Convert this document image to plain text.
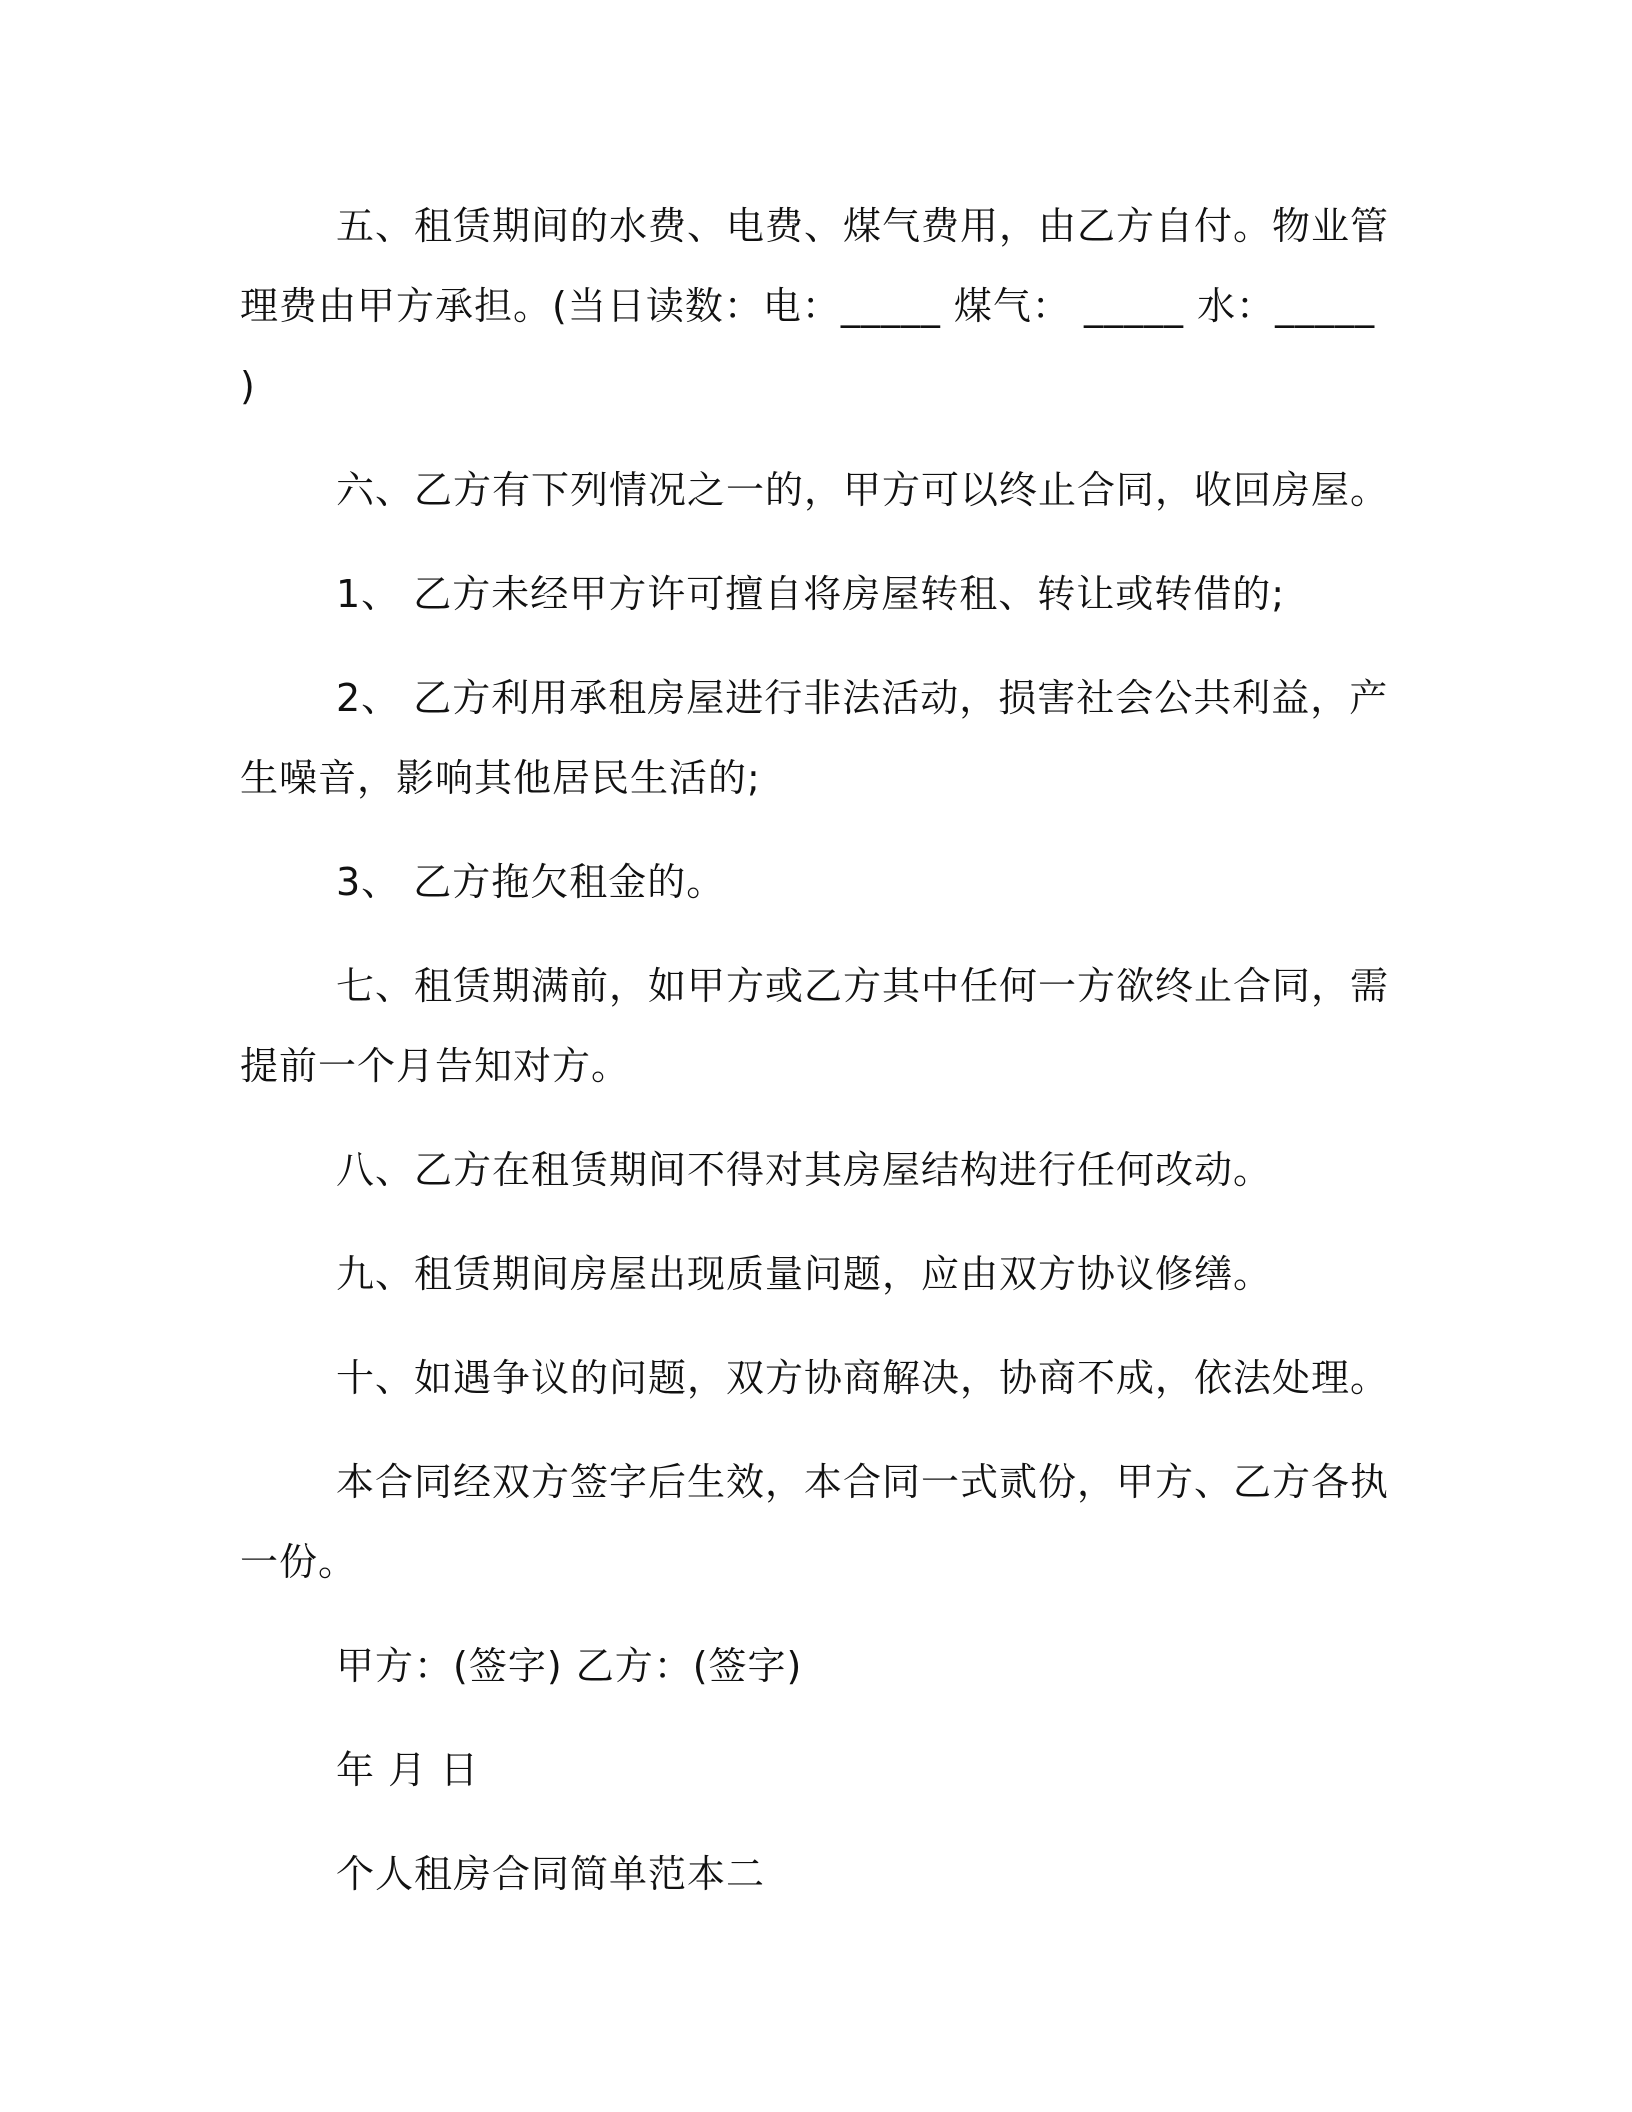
五、租赁期间的水费、电费、煤气费用，由乙方自付。物业管理费由甲方承担。(当日读数：电：_____ 煤气： _____ 水：_____ )

六、乙方有下列情况之一的，甲方可以终止合同，收回房屋。

1、 乙方未经甲方许可擅自将房屋转租、转让或转借的;

2、 乙方利用承租房屋进行非法活动，损害社会公共利益，产生噪音，影响其他居民生活的;

3、 乙方拖欠租金的。

七、租赁期满前，如甲方或乙方其中任何一方欲终止合同，需提前一个月告知对方。

八、乙方在租赁期间不得对其房屋结构进行任何改动。

九、租赁期间房屋出现质量问题，应由双方协议修缮。

十、如遇争议的问题，双方协商解决，协商不成，依法处理。

本合同经双方签字后生效，本合同一式贰份，甲方、乙方各执一份。

甲方：(签字) 乙方：(签字)

年 月 日

个人租房合同简单范本二
